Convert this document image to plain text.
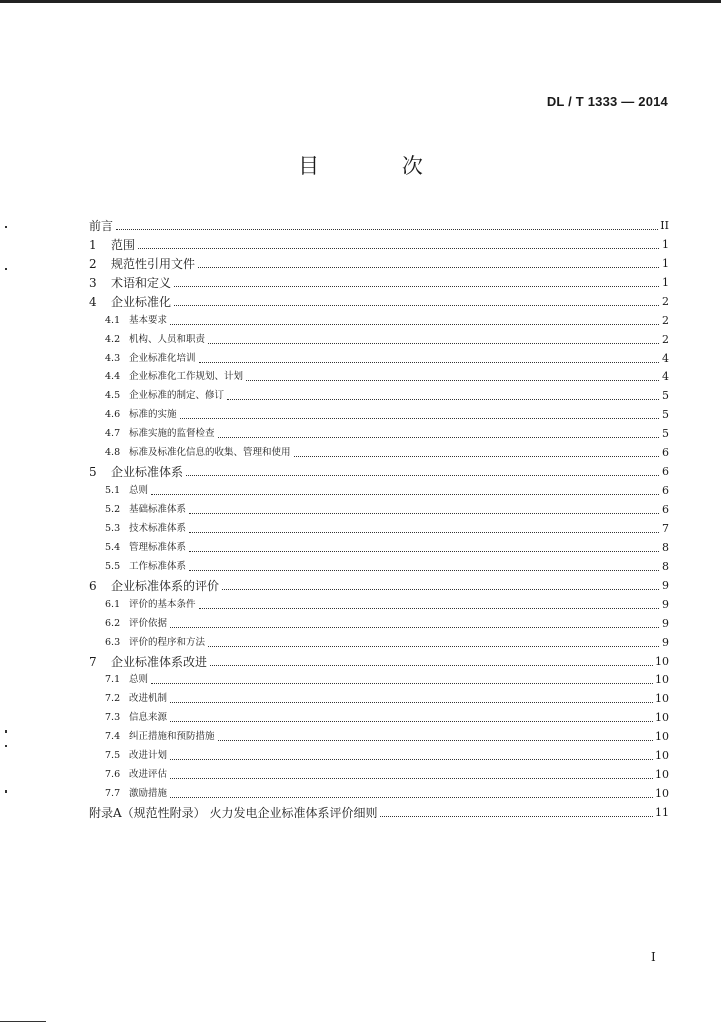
DL / T 1333 — 2014
目 次
前言	II
1	范围	1
2	规范性引用文件	1
3	术语和定义	1
4	企业标准化	2
4.1 基本要求	2
4.2 机构、人员和职责	2
4.3 企业标准化培训	4
4.4 企业标准化工作规划、计划	4
4.5 企业标准的制定、修订	5
4.6 标准的实施	5
4.7 标准实施的监督检查	5
4.8 标准及标准化信息的收集、管理和使用	6
5	企业标准体系	6
5.1 总则	6
5.2 基础标准体系	6
5.3 技术标准体系	7
5.4 管理标准体系	8
5.5 工作标准体系	8
6	企业标准体系的评价	9
6.1 评价的基本条件	9
6.2 评价依据	9
6.3 评价的程序和方法	9
7	企业标准体系改进	10
7.1 总则	10
7.2 改进机制	10
7.3 信息来源	10
7.4 纠正措施和预防措施	10
7.5 改进计划	10
7.6 改进评估	10
7.7 激励措施	10
附录A（规范性附录） 火力发电企业标准体系评价细则	11
I
